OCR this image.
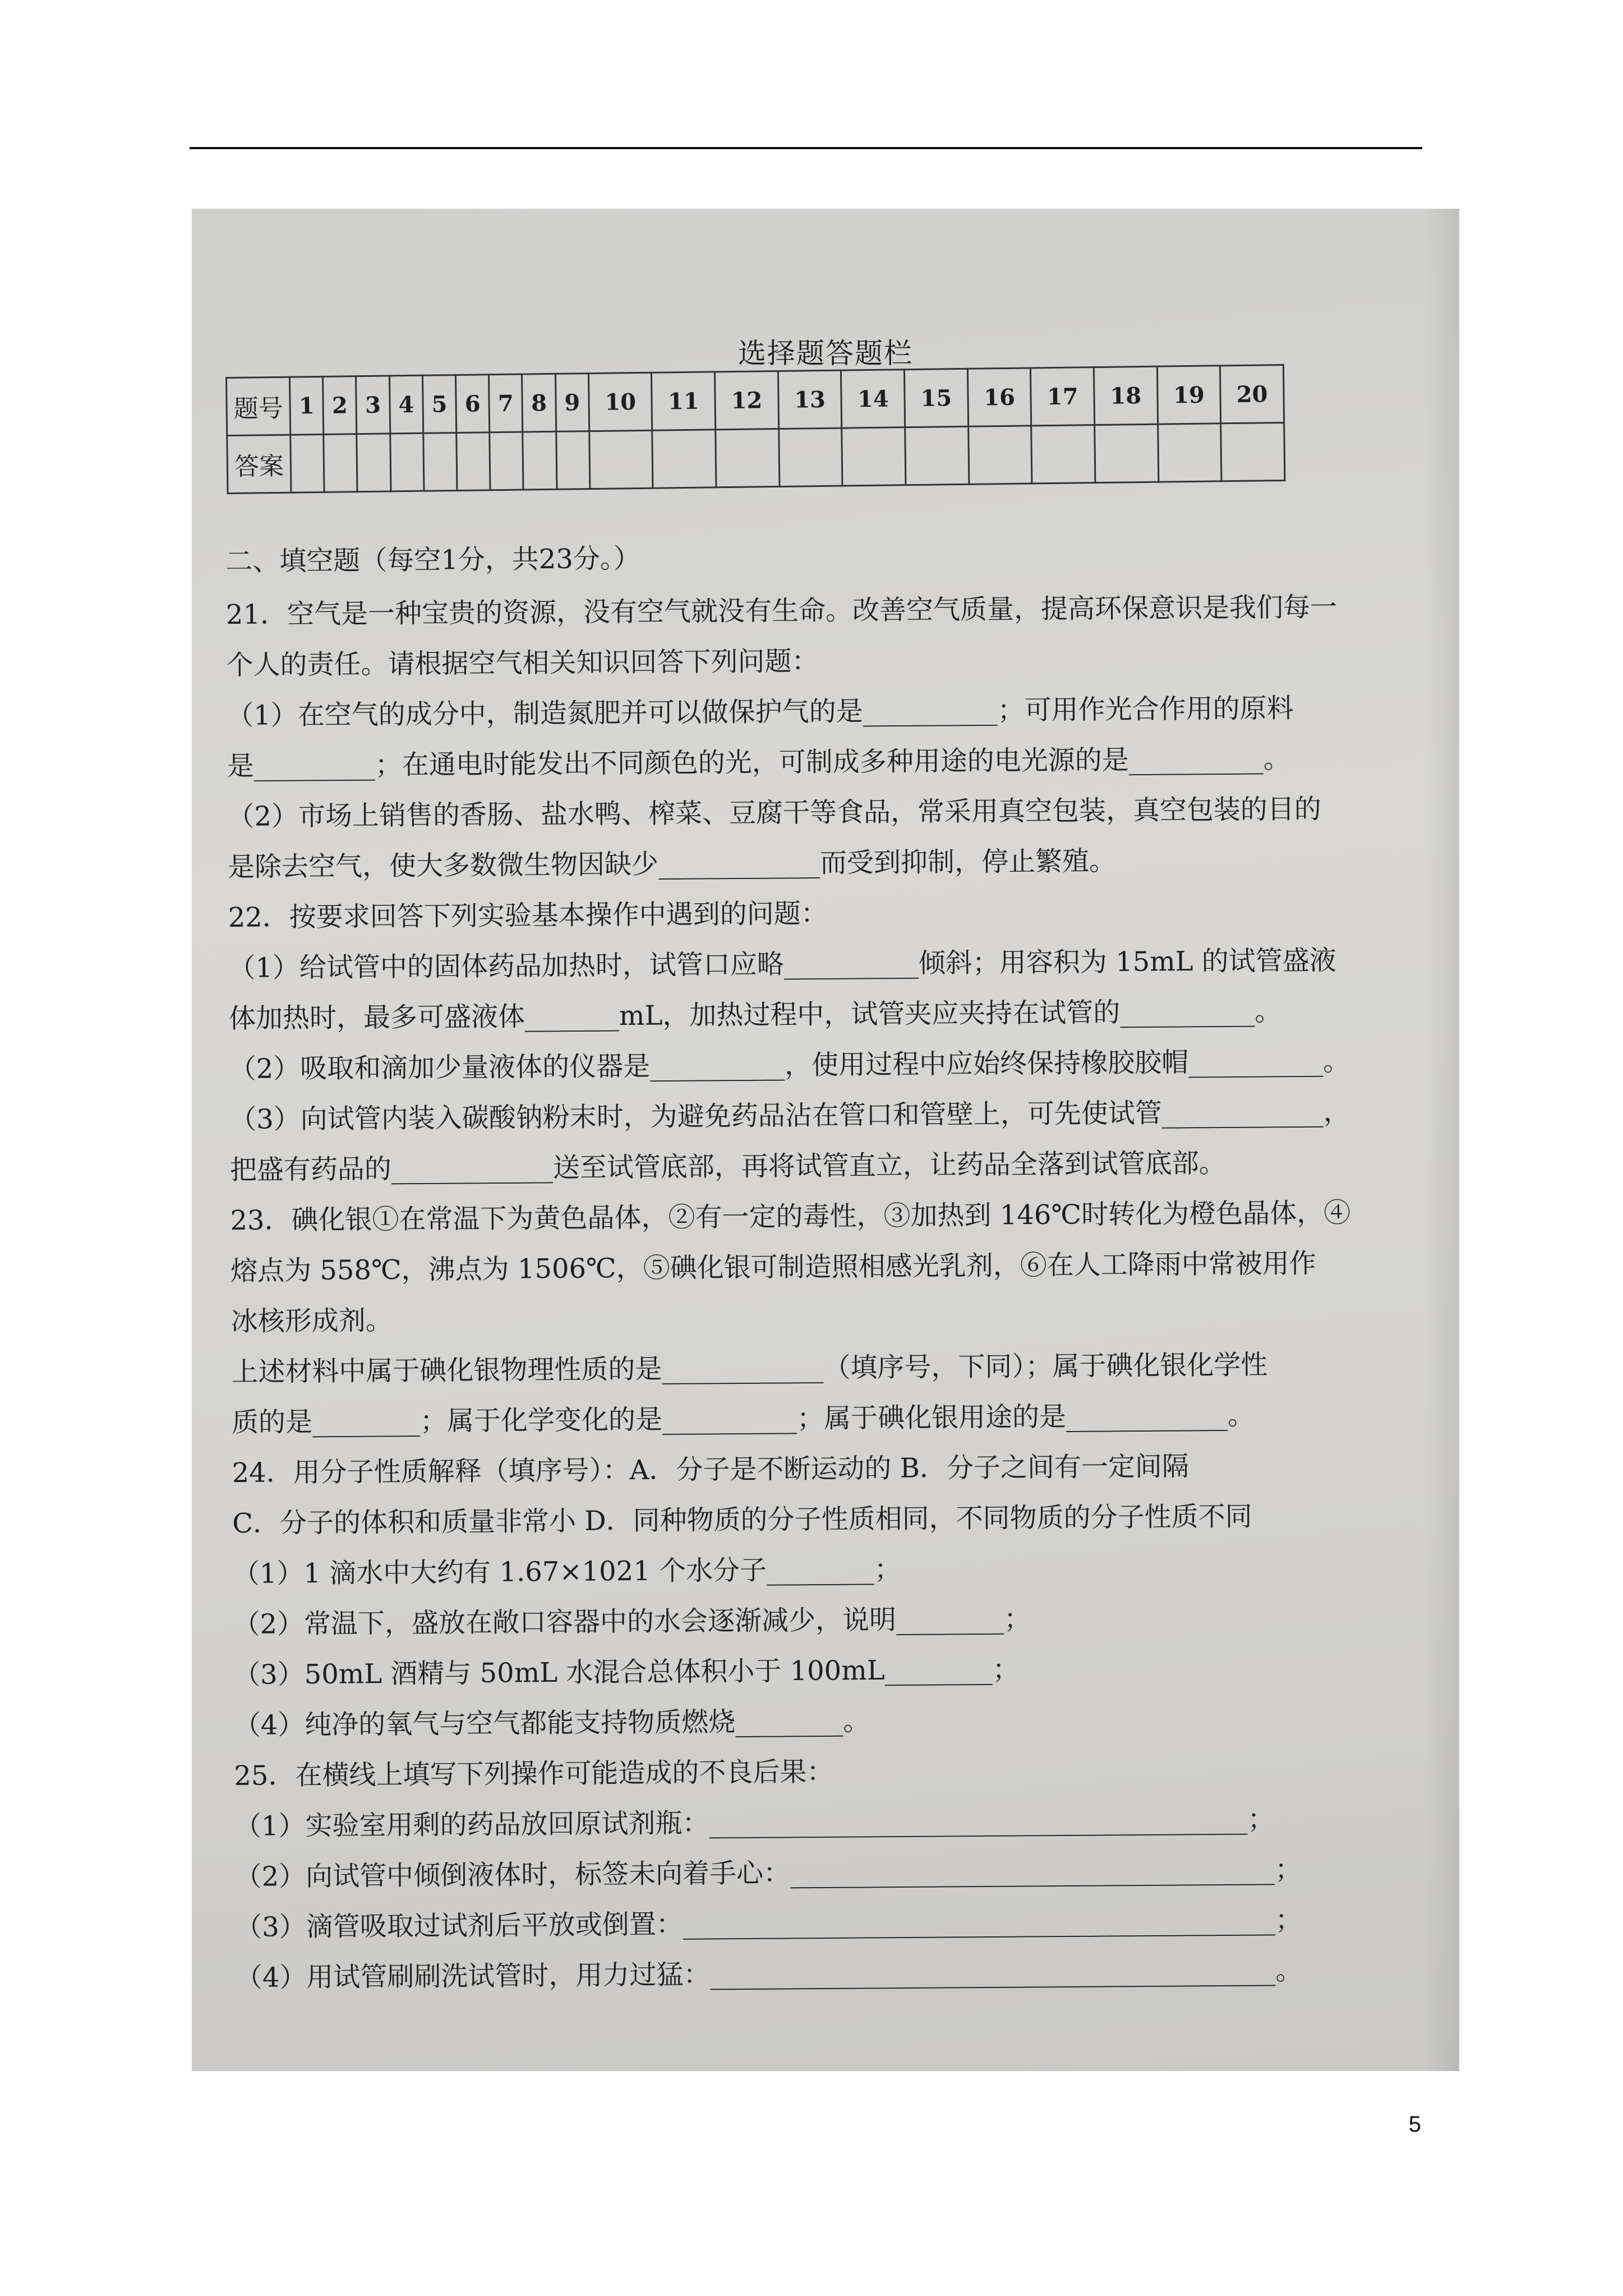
选择题答题栏
题号	1	2	3	4	5	6	7	8	9	10	11	12	13	14	15	16	17	18	19	20
答案																				
二、填空题（每空1分，共23分。）
21．空气是一种宝贵的资源，没有空气就没有生命。改善空气质量，提高环保意识是我们每一
个人的责任。请根据空气相关知识回答下列问题：
（1）在空气的成分中，制造氮肥并可以做保护气的是__________；可用作光合作用的原料
是_________；在通电时能发出不同颜色的光，可制成多种用途的电光源的是__________。
（2）市场上销售的香肠、盐水鸭、榨菜、豆腐干等食品，常采用真空包装，真空包装的目的
是除去空气，使大多数微生物因缺少____________而受到抑制，停止繁殖。
22．按要求回答下列实验基本操作中遇到的问题：
（1）给试管中的固体药品加热时，试管口应略__________倾斜；用容积为 15mL 的试管盛液
体加热时，最多可盛液体_______mL，加热过程中，试管夹应夹持在试管的__________。
（2）吸取和滴加少量液体的仪器是__________，使用过程中应始终保持橡胶胶帽__________。
（3）向试管内装入碳酸钠粉末时，为避免药品沾在管口和管壁上，可先使试管____________，
把盛有药品的____________送至试管底部，再将试管直立，让药品全落到试管底部。
23．碘化银①在常温下为黄色晶体，②有一定的毒性，③加热到 146℃时转化为橙色晶体，④
熔点为 558℃，沸点为 1506℃，⑤碘化银可制造照相感光乳剂，⑥在人工降雨中常被用作
冰核形成剂。
上述材料中属于碘化银物理性质的是____________（填序号，下同）；属于碘化银化学性
质的是________；属于化学变化的是__________；属于碘化银用途的是____________。
24．用分子性质解释（填序号）：A．分子是不断运动的 B．分子之间有一定间隔
C．分子的体积和质量非常小 D．同种物质的分子性质相同，不同物质的分子性质不同
（1）1 滴水中大约有 1.67×1021 个水分子________；
（2）常温下，盛放在敞口容器中的水会逐渐减少，说明________；
（3）50mL 酒精与 50mL 水混合总体积小于 100mL________；
（4）纯净的氧气与空气都能支持物质燃烧________。
25．在横线上填写下列操作可能造成的不良后果：
（1）实验室用剩的药品放回原试剂瓶：________________________________________；
（2）向试管中倾倒液体时，标签未向着手心：____________________________________；
（3）滴管吸取过试剂后平放或倒置：____________________________________________；
（4）用试管刷刷洗试管时，用力过猛：__________________________________________。
5
